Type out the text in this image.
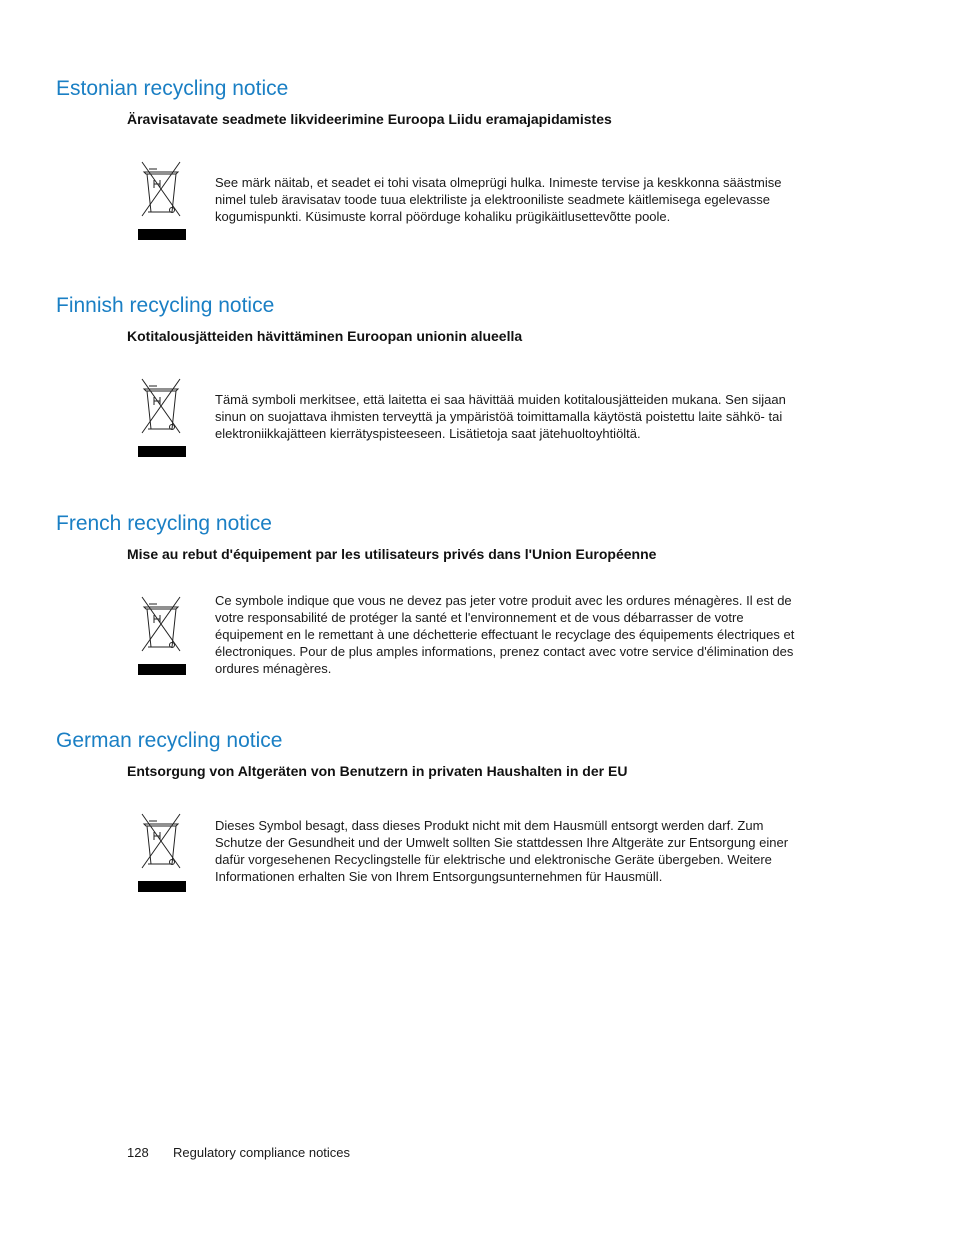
Estonian recycling notice
Äravisatavate seadmete likvideerimine Euroopa Liidu eramajapidamistes

See märk näitab, et seadet ei tohi visata olmeprügi hulka. Inimeste tervise ja keskkonna säästmise nimel tuleb äravisatav toode tuua elektriliste ja elektrooniliste seadmete käitlemisega egelevasse kogumispunkti. Küsimuste korral pöörduge kohaliku prügikäitlusettevõtte poole.

Finnish recycling notice
Kotitalousjätteiden hävittäminen Euroopan unionin alueella

Tämä symboli merkitsee, että laitetta ei saa hävittää muiden kotitalousjätteiden mukana. Sen sijaan sinun on suojattava ihmisten terveyttä ja ympäristöä toimittamalla käytöstä poistettu laite sähkö- tai elektroniikkajätteen kierrätyspisteeseen. Lisätietoja saat jätehuoltoyhtiöltä.

French recycling notice
Mise au rebut d'équipement par les utilisateurs privés dans l'Union Européenne

Ce symbole indique que vous ne devez pas jeter votre produit avec les ordures ménagères. Il est de votre responsabilité de protéger la santé et l'environnement et de vous débarrasser de votre équipement en le remettant à une déchetterie effectuant le recyclage des équipements électriques et électroniques. Pour de plus amples informations, prenez contact avec votre service d'élimination des ordures ménagères.

German recycling notice
Entsorgung von Altgeräten von Benutzern in privaten Haushalten in der EU

Dieses Symbol besagt, dass dieses Produkt nicht mit dem Hausmüll entsorgt werden darf. Zum Schutze der Gesundheit und der Umwelt sollten Sie stattdessen Ihre Altgeräte zur Entsorgung einer dafür vorgesehenen Recyclingstelle für elektrische und elektronische Geräte übergeben. Weitere Informationen erhalten Sie von Ihrem Entsorgungsunternehmen für Hausmüll.

128 Regulatory compliance notices
